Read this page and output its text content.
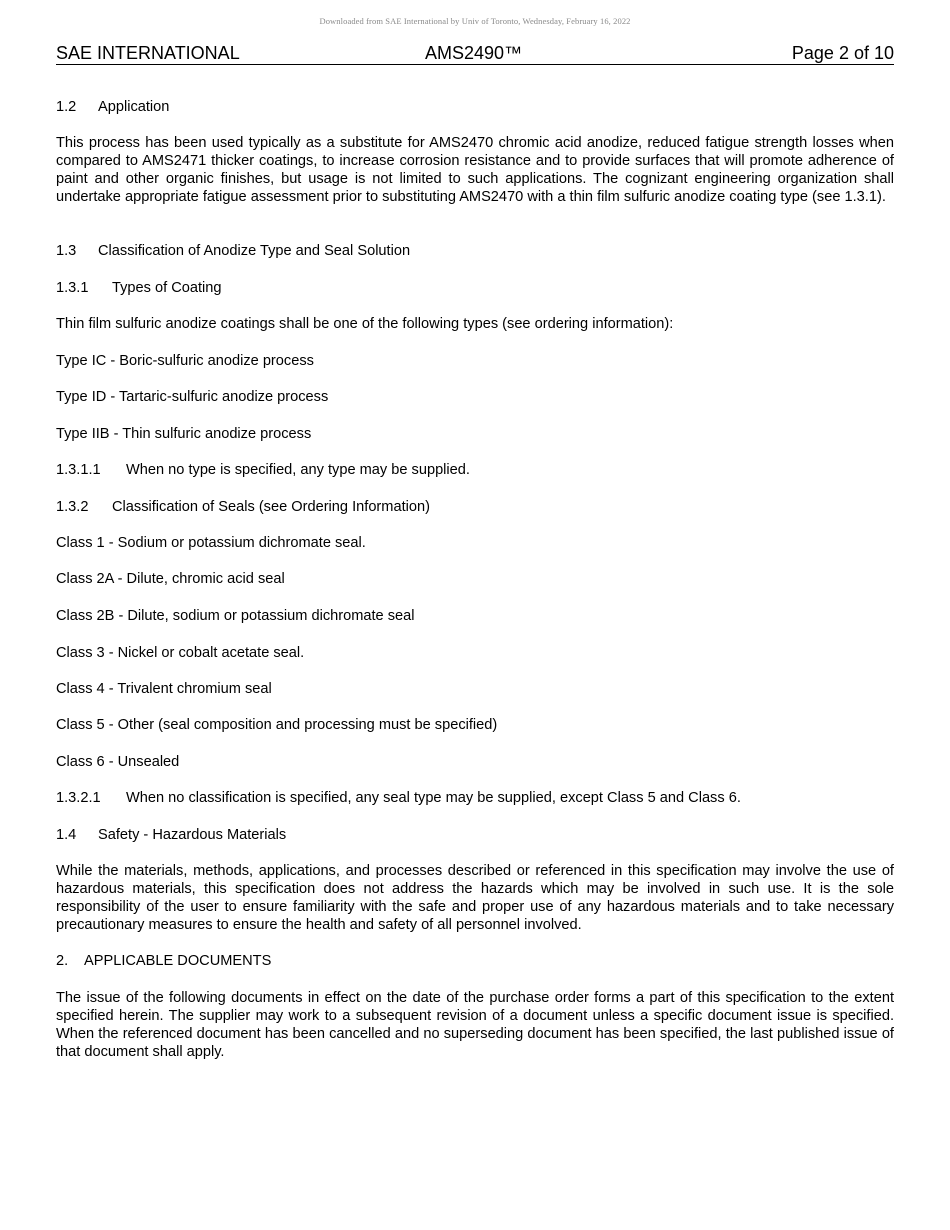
Downloaded from SAE International by Univ of Toronto, Wednesday, February 16, 2022
SAE INTERNATIONAL	AMS2490™	Page 2 of 10
1.2 Application

This process has been used typically as a substitute for AMS2470 chromic acid anodize, reduced fatigue strength losses when compared to AMS2471 thicker coatings, to increase corrosion resistance and to provide surfaces that will promote adherence of paint and other organic finishes, but usage is not limited to such applications. The cognizant engineering organization shall undertake appropriate fatigue assessment prior to substituting AMS2470 with a thin film sulfuric anodize coating type (see 1.3.1).

1.3 Classification of Anodize Type and Seal Solution
1.3.1 Types of Coating

Thin film sulfuric anodize coatings shall be one of the following types (see ordering information):

Type IC - Boric-sulfuric anodize process
Type ID - Tartaric-sulfuric anodize process
Type IIB - Thin sulfuric anodize process
1.3.1.1 When no type is specified, any type may be supplied.
1.3.2 Classification of Seals (see Ordering Information)
Class 1 - Sodium or potassium dichromate seal.
Class 2A - Dilute, chromic acid seal
Class 2B - Dilute, sodium or potassium dichromate seal
Class 3 - Nickel or cobalt acetate seal.
Class 4 - Trivalent chromium seal
Class 5 - Other (seal composition and processing must be specified)
Class 6 - Unsealed
1.3.2.1 When no classification is specified, any seal type may be supplied, except Class 5 and Class 6.
1.4 Safety - Hazardous Materials

While the materials, methods, applications, and processes described or referenced in this specification may involve the use of hazardous materials, this specification does not address the hazards which may be involved in such use. It is the sole responsibility of the user to ensure familiarity with the safe and proper use of any hazardous materials and to take necessary precautionary measures to ensure the health and safety of all personnel involved.

2. APPLICABLE DOCUMENTS

The issue of the following documents in effect on the date of the purchase order forms a part of this specification to the extent specified herein. The supplier may work to a subsequent revision of a document unless a specific document issue is specified. When the referenced document has been cancelled and no superseding document has been specified, the last published issue of that document shall apply.
